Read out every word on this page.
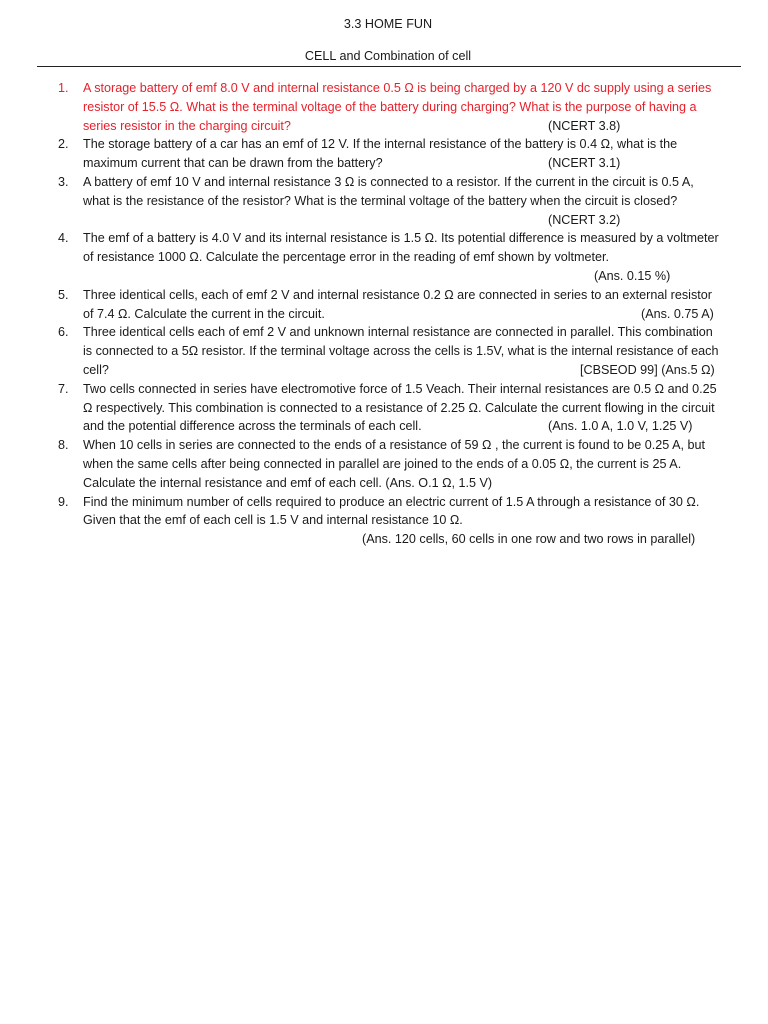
3.3 HOME FUN
CELL and Combination of cell
1.	A storage battery of emf 8.0 V and internal resistance 0.5 Ω is being charged by a 120 V dc supply using a series
resistor of 15.5 Ω. What is the terminal voltage of the battery during charging? What is the purpose of having a
series resistor in the charging circuit?	(NCERT 3.8)
2.	The storage battery of a car has an emf of 12 V. If the internal resistance of the battery is 0.4 Ω, what is the
maximum current that can be drawn from the battery?	(NCERT 3.1)
3.	A battery of emf 10 V and internal resistance 3 Ω is connected to a resistor. If the current in the circuit is 0.5 A,
what is the resistance of the resistor? What is the terminal voltage of the battery when the circuit is closed?
(NCERT 3.2)
4.	The emf of a battery is 4.0 V and its internal resistance is 1.5 Ω. Its potential difference is measured by a voltmeter
of resistance 1000 Ω. Calculate the percentage error in the reading of emf shown by voltmeter.
(Ans. 0.15 %)
5.	Three identical cells, each of emf 2 V and internal resistance 0.2 Ω are connected in series to an external resistor
of 7.4 Ω. Calculate the current in the circuit.	(Ans. 0.75 A)
6.	Three identical cells each of emf 2 V and unknown internal resistance are connected in parallel. This combination
is connected to a 5Ω resistor. If the terminal voltage across the cells is 1.5V, what is the internal resistance of each
cell?	[CBSEOD 99] (Ans.5 Ω)
7.	Two cells connected in series have electromotive force of 1.5 Veach. Their internal resistances are 0.5 Ω and 0.25
Ω respectively. This combination is connected to a resistance of 2.25 Ω. Calculate the current flowing in the circuit
and the potential difference across the terminals of each cell.	(Ans. 1.0 A, 1.0 V, 1.25 V)
8.	When 10 cells in series are connected to the ends of a resistance of 59 Ω , the current is found to be 0.25 A, but
when the same cells after being connected in parallel are joined to the ends of a 0.05 Ω, the current is 25 A.
Calculate the internal resistance and emf of each cell. (Ans. O.1 Ω, 1.5 V)
9.	Find the minimum number of cells required to produce an electric current of 1.5 A through a resistance of 30 Ω.
Given that the emf of each cell is 1.5 V and internal resistance 10 Ω.
(Ans. 120 cells, 60 cells in one row and two rows in parallel)
